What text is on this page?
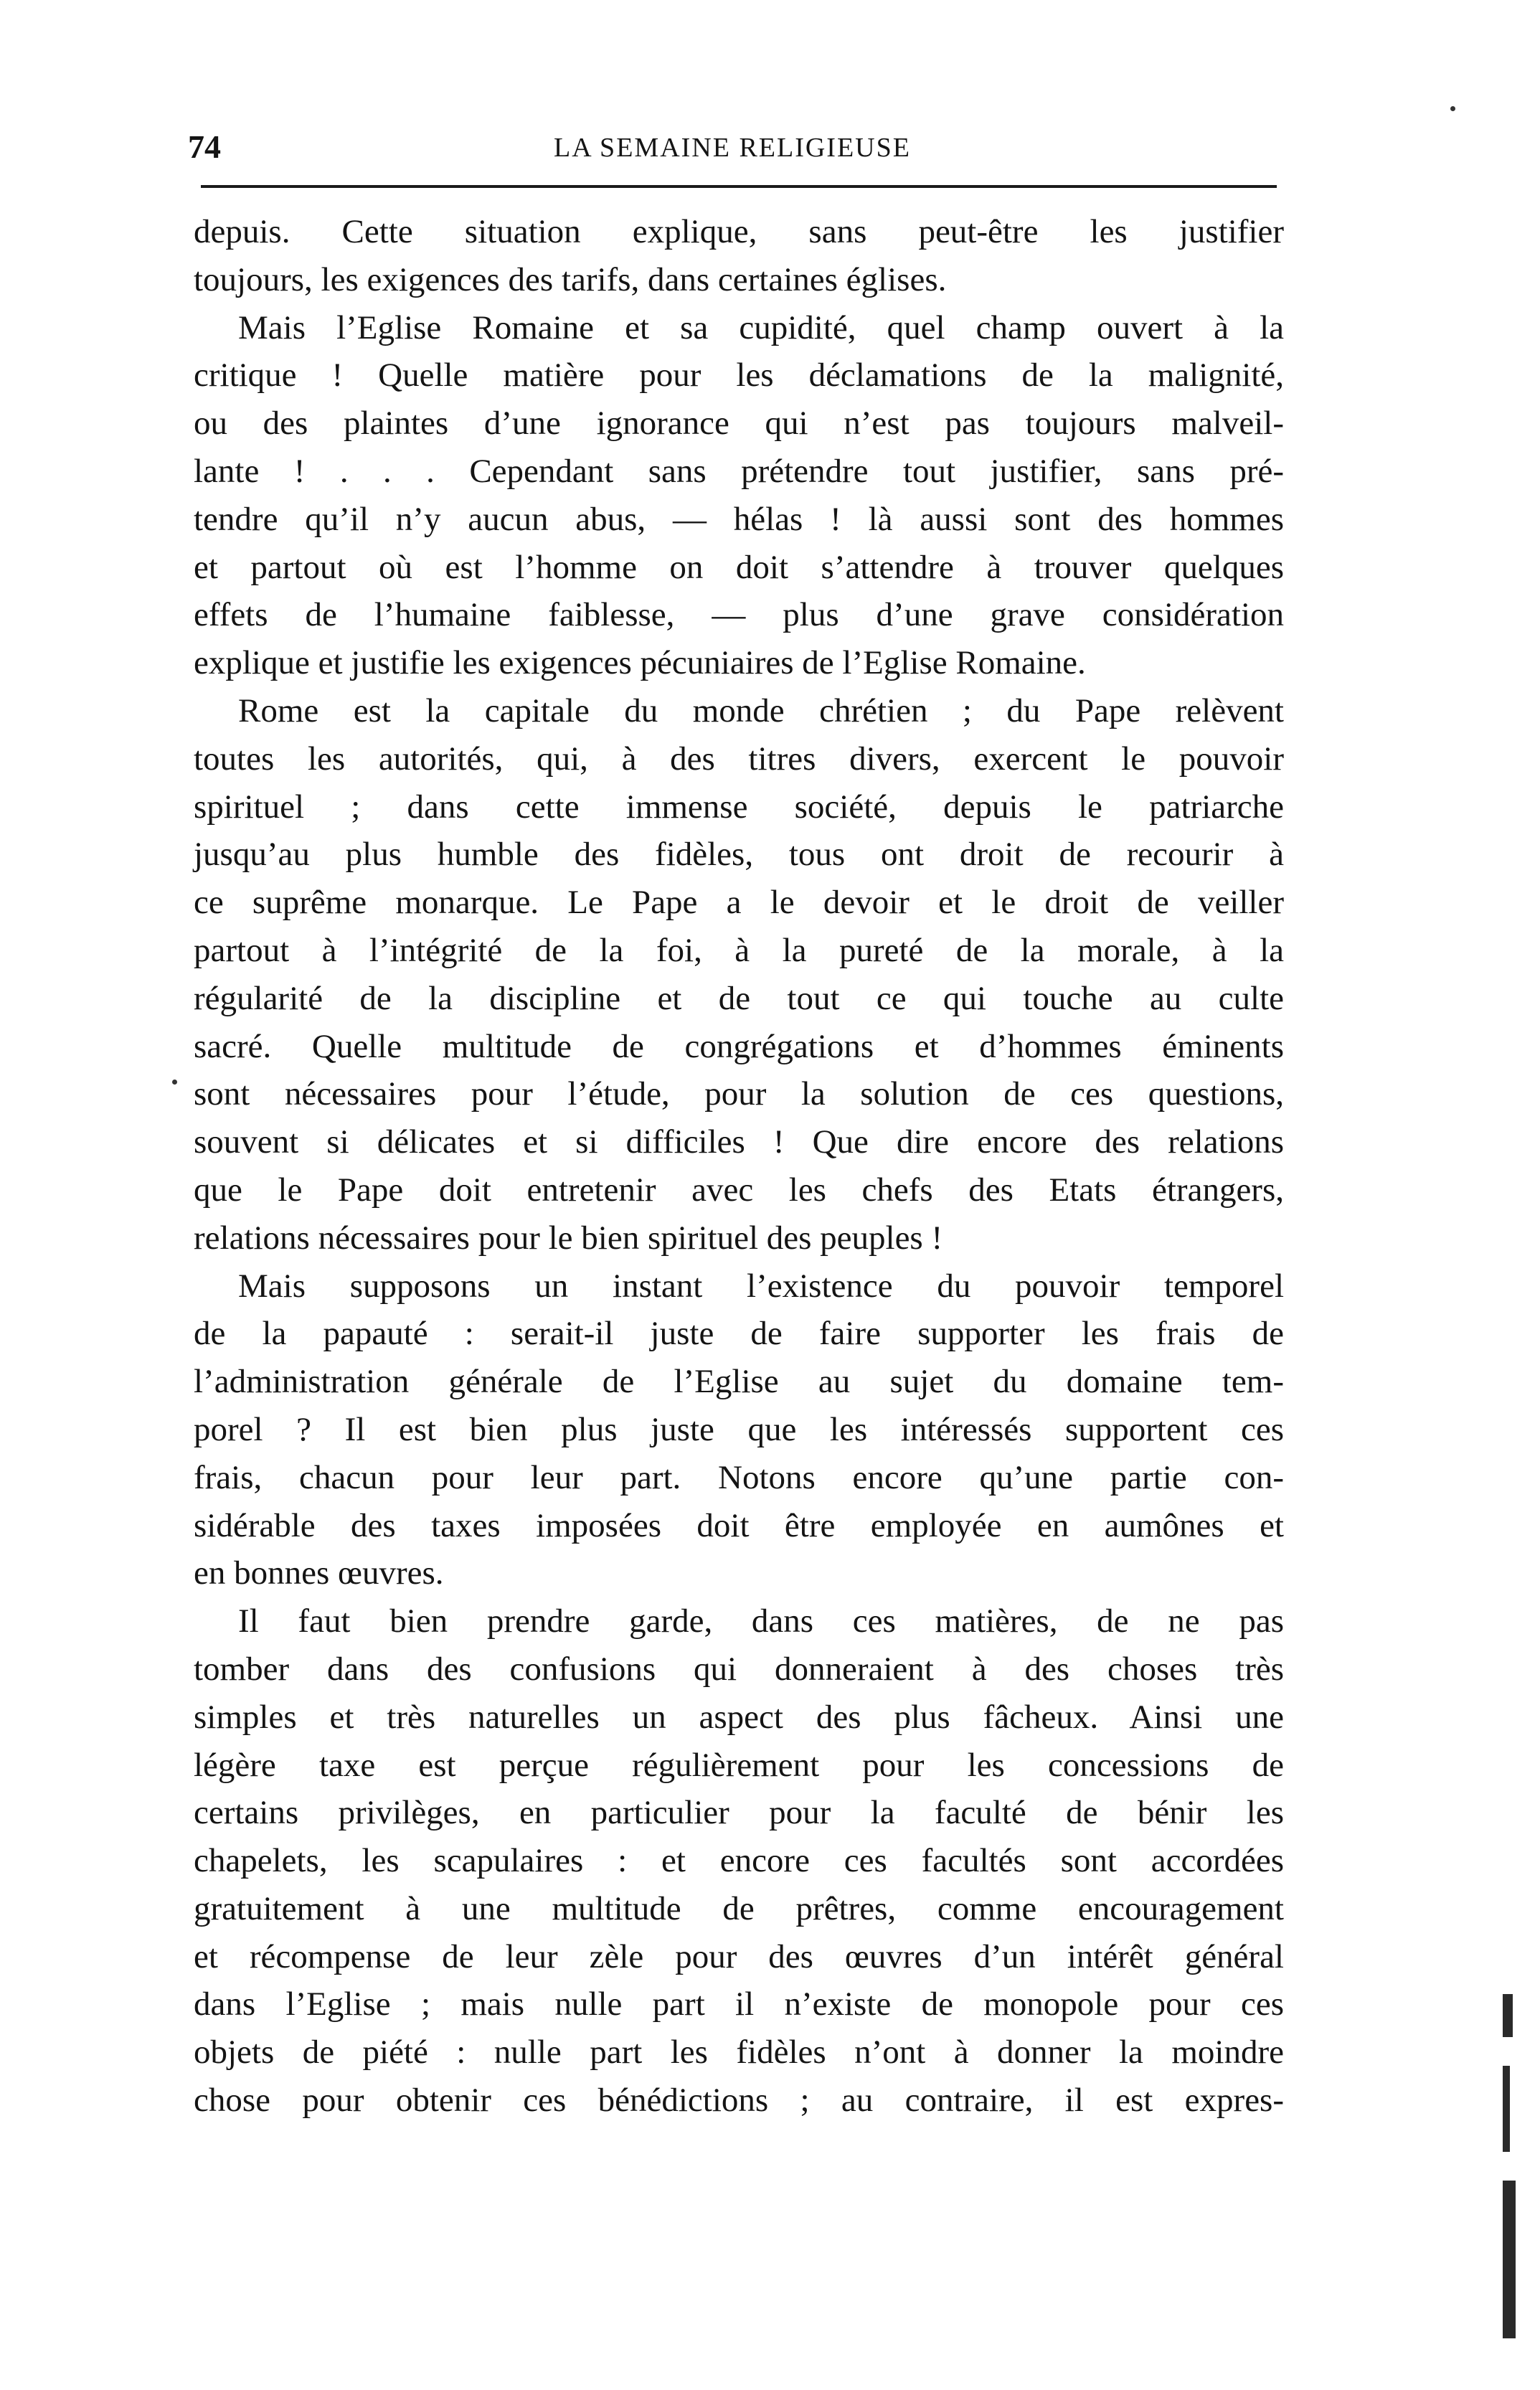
74	LA SEMAINE RELIGIEUSE
depuis. Cette situation explique, sans peut-être les justifier
toujours, les exigences des tarifs, dans certaines églises.
Mais l’Eglise Romaine et sa cupidité, quel champ ouvert à la
critique ! Quelle matière pour les déclamations de la malignité,
ou des plaintes d’une ignorance qui n’est pas toujours malveil-
lante ! . . . Cependant sans prétendre tout justifier, sans pré-
tendre qu’il n’y aucun abus, — hélas ! là aussi sont des hommes
et partout où est l’homme on doit s’attendre à trouver quelques
effets de l’humaine faiblesse, — plus d’une grave considération
explique et justifie les exigences pécuniaires de l’Eglise Romaine.
Rome est la capitale du monde chrétien ; du Pape relèvent
toutes les autorités, qui, à des titres divers, exercent le pouvoir
spirituel ; dans cette immense société, depuis le patriarche
jusqu’au plus humble des fidèles, tous ont droit de recourir à
ce suprême monarque. Le Pape a le devoir et le droit de veiller
partout à l’intégrité de la foi, à la pureté de la morale, à la
régularité de la discipline et de tout ce qui touche au culte
sacré. Quelle multitude de congrégations et d’hommes éminents
sont nécessaires pour l’étude, pour la solution de ces questions,
souvent si délicates et si difficiles ! Que dire encore des relations
que le Pape doit entretenir avec les chefs des Etats étrangers,
relations nécessaires pour le bien spirituel des peuples !
Mais supposons un instant l’existence du pouvoir temporel
de la papauté : serait-il juste de faire supporter les frais de
l’administration générale de l’Eglise au sujet du domaine tem-
porel ? Il est bien plus juste que les intéressés supportent ces
frais, chacun pour leur part. Notons encore qu’une partie con-
sidérable des taxes imposées doit être employée en aumônes et
en bonnes œuvres.
Il faut bien prendre garde, dans ces matières, de ne pas
tomber dans des confusions qui donneraient à des choses très
simples et très naturelles un aspect des plus fâcheux. Ainsi une
légère taxe est perçue régulièrement pour les concessions de
certains privilèges, en particulier pour la faculté de bénir les
chapelets, les scapulaires : et encore ces facultés sont accordées
gratuitement à une multitude de prêtres, comme encouragement
et récompense de leur zèle pour des œuvres d’un intérêt général
dans l’Eglise ; mais nulle part il n’existe de monopole pour ces
objets de piété : nulle part les fidèles n’ont à donner la moindre
chose pour obtenir ces bénédictions ; au contraire, il est expres-
